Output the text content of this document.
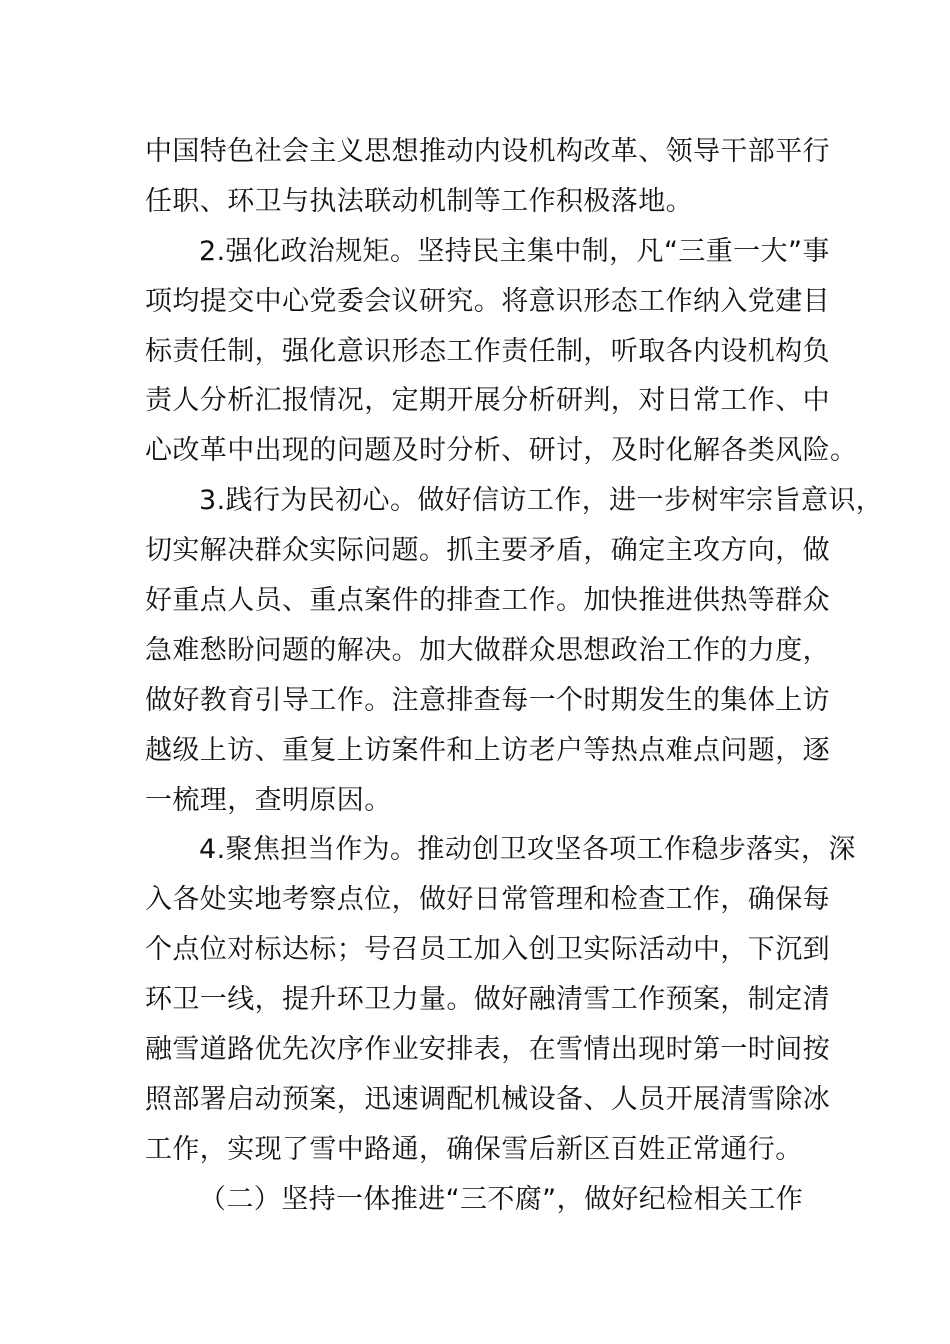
中国特色社会主义思想推动内设机构改革、领导干部平行
任职、环卫与执法联动机制等工作积极落地。
2.强化政治规矩。坚持民主集中制，凡“三重一大”事
项均提交中心党委会议研究。将意识形态工作纳入党建目
标责任制，强化意识形态工作责任制，听取各内设机构负
责人分析汇报情况，定期开展分析研判，对日常工作、中
心改革中出现的问题及时分析、研讨，及时化解各类风险。
3.践行为民初心。做好信访工作，进一步树牢宗旨意识，
切实解决群众实际问题。抓主要矛盾，确定主攻方向，做
好重点人员、重点案件的排查工作。加快推进供热等群众
急难愁盼问题的解决。加大做群众思想政治工作的力度，
做好教育引导工作。注意排查每一个时期发生的集体上访
越级上访、重复上访案件和上访老户等热点难点问题，逐
一梳理，查明原因。
4.聚焦担当作为。推动创卫攻坚各项工作稳步落实，深
入各处实地考察点位，做好日常管理和检查工作，确保每
个点位对标达标；号召员工加入创卫实际活动中，下沉到
环卫一线，提升环卫力量。做好融清雪工作预案，制定清
融雪道路优先次序作业安排表，在雪情出现时第一时间按
照部署启动预案，迅速调配机械设备、人员开展清雪除冰
工作，实现了雪中路通，确保雪后新区百姓正常通行。
（二）坚持一体推进“三不腐”，做好纪检相关工作
